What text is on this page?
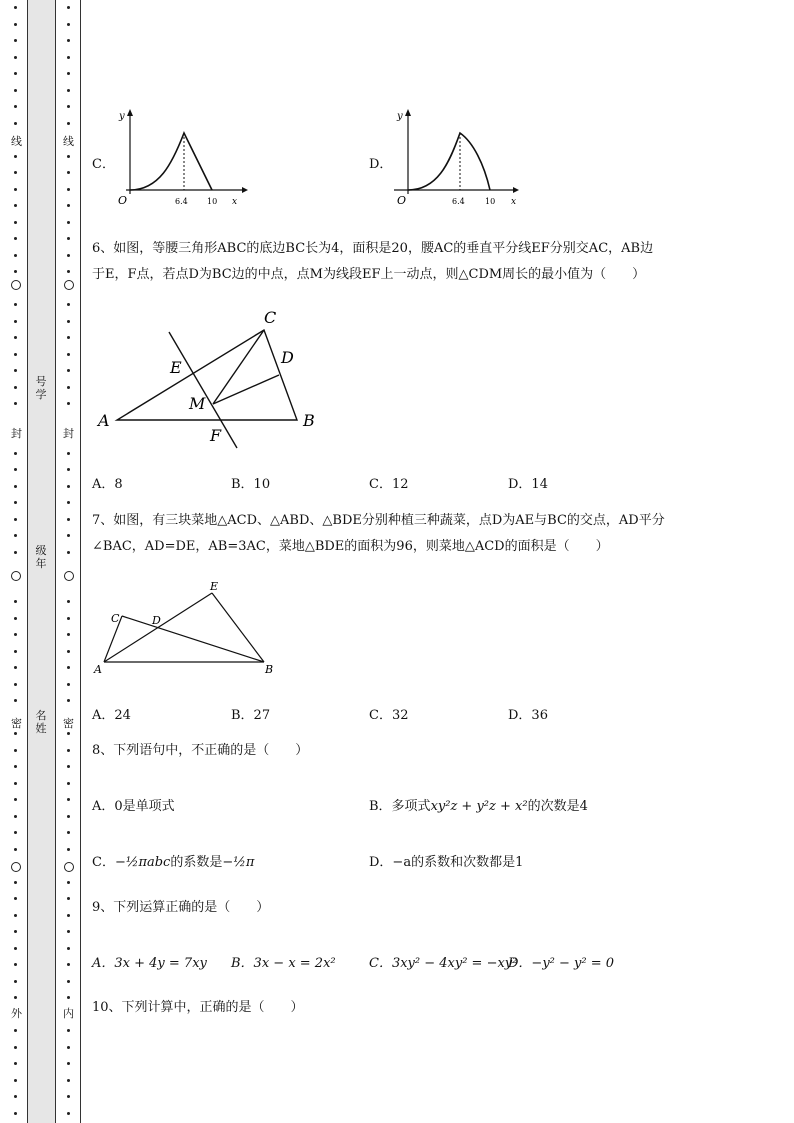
线
封
密
外
线
封
密
内
号
学
级
年
名
姓
C．
O	6.4 10 x
y
D．
O	6.4	10 x
y
6、如图，等腰三角形ABC的底边BC长为4，面积是20，腰AC的垂直平分线EF分别交AC，AB边
于E，F点，若点D为BC边的中点，点M为线段EF上一动点，则△CDM周长的最小值为（　　）
A	B
C
D
E
F
M
A．8	B．10	C．12	D．14
7、如图，有三块菜地△ACD、△ABD、△BDE分别种植三种蔬菜，点D为AE与BC的交点，AD平分
∠BAC，AD=DE，AB=3AC，菜地△BDE的面积为96，则菜地△ACD的面积是（　　）
A	B
C	D
E
A．24	B．27	C．32	D．36
8、下列语句中，不正确的是（　　）
A．0是单项式	B．多项式xy²z + y²z + x²的次数是4
C．−½πabc的系数是−½π	D．−a的系数和次数都是1
9、下列运算正确的是（　　）
A．3x + 4y = 7xy B．3x − x = 2x²	C．3xy² − 4xy² = −xy²
D．−y² − y² = 0
10、下列计算中，正确的是（　　）
